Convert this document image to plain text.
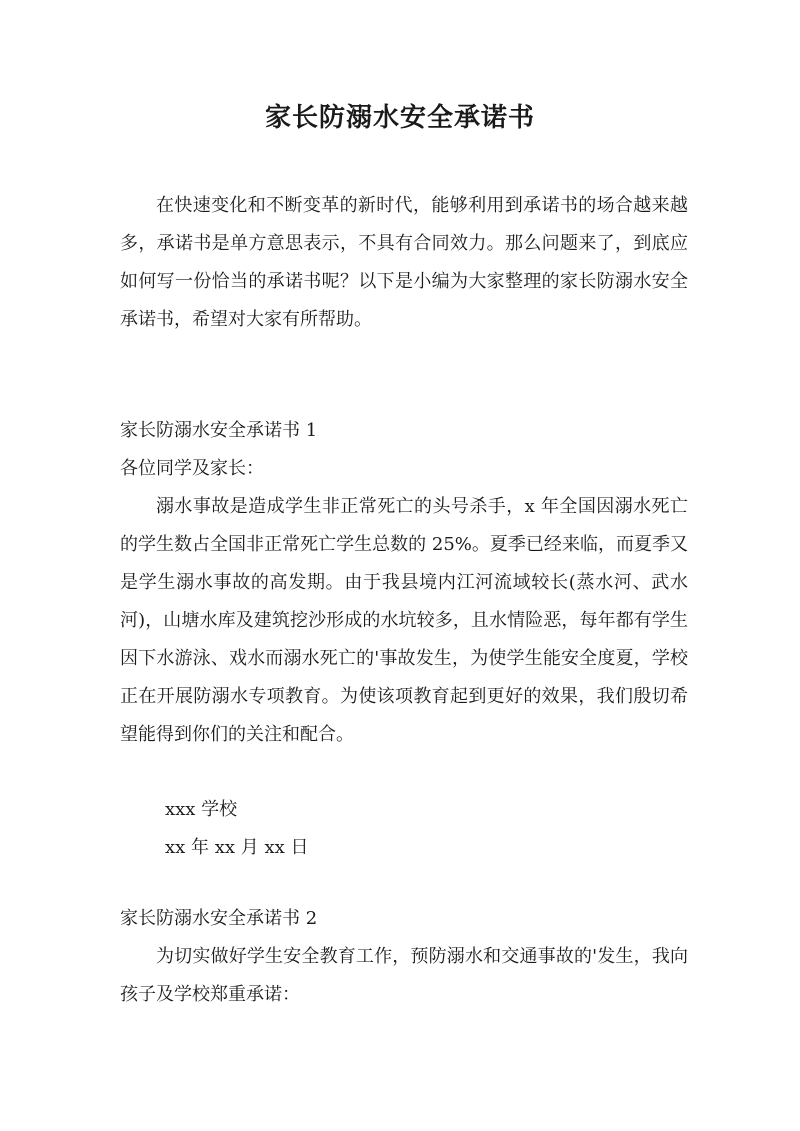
家长防溺水安全承诺书

在快速变化和不断变革的新时代，能够利用到承诺书的场合越来越多，承诺书是单方意思表示，不具有合同效力。那么问题来了，到底应如何写一份恰当的承诺书呢？以下是小编为大家整理的家长防溺水安全承诺书，希望对大家有所帮助。

家长防溺水安全承诺书 1

各位同学及家长：

溺水事故是造成学生非正常死亡的头号杀手，x 年全国因溺水死亡的学生数占全国非正常死亡学生总数的 25%。夏季已经来临，而夏季又是学生溺水事故的高发期。由于我县境内江河流域较长(蒸水河、武水河)，山塘水库及建筑挖沙形成的水坑较多，且水情险恶，每年都有学生因下水游泳、戏水而溺水死亡的'事故发生，为使学生能安全度夏，学校正在开展防溺水专项教育。为使该项教育起到更好的效果，我们殷切希望能得到你们的关注和配合。

xxx 学校
xx 年 xx 月 xx 日

家长防溺水安全承诺书 2

为切实做好学生安全教育工作，预防溺水和交通事故的'发生，我向孩子及学校郑重承诺：
